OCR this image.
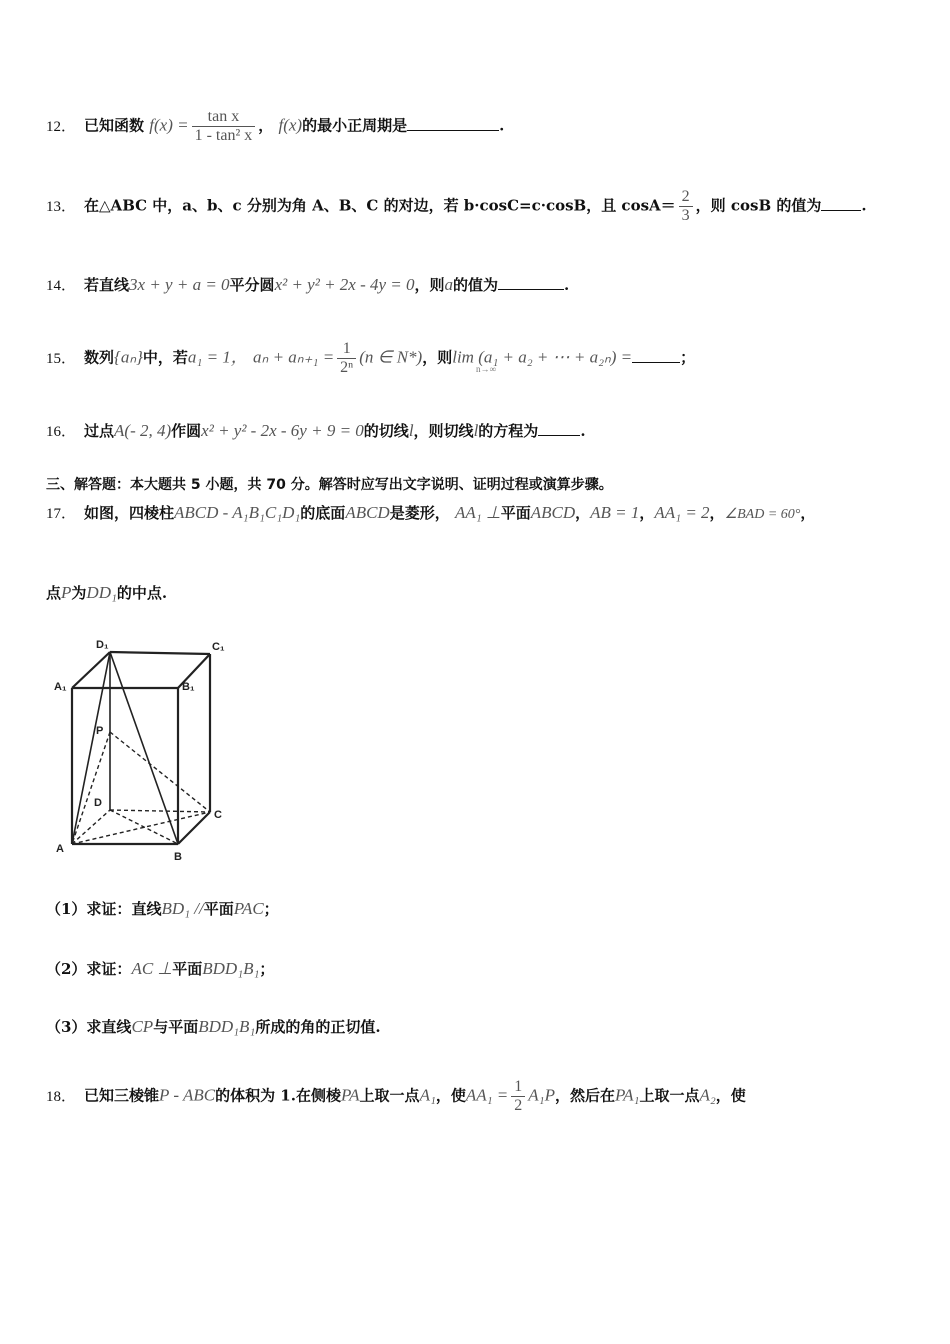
12． 已知函数 $f(x) = \frac{\text{tan x}}{\text{1 - tan² x}}$ ， f(x)的最小正周期是	.
13． 在△ABC 中，a、b、c 分别为角 A、B、C 的对边，若 b·cosC=c·cosB，且 $\cos A= \frac{2}{3}$ ，则 cosB 的值为	.
14． 若直线3x + y + a = 0平分圆x² + y² + 2x - 4y = 0，则a的值为	.
15． 数列{aₙ}中，若a₁ = 1， $a_n + a_{n+1} = \frac{1}{\text{2ⁿ}} (n$ ∈ N*)，则lim (a₁ + a₂ + ⋯ + a₂ₙ) =	；
n→∞
16． 过点A(- 2, 4)作圆x² + y² - 2x - 6y + 9 = 0的切线l，则切线l的方程为	.
三、解答题：本大题共 5 小题，共 70 分。解答时应写出文字说明、证明过程或演算步骤。
17． 如图，四棱柱ABCD - A₁B₁C₁D₁的底面ABCD是菱形， AA₁ ⊥平面ABCD，AB = 1，AA₁ = 2，∠BAD = 60°，
点P为DD₁的中点.
D₁	C₁
A₁	B₁
P
D
C
A
B
（1）求证：直线BD₁ //平面PAC；
（2）求证：AC ⊥平面BDD₁B₁；
（3）求直线CP与平面BDD₁B₁所成的角的正切值.
18． 已知三棱锥P - ABC的体积为 1.在侧棱PA上取一点A₁，使$AA_1 = \frac{1}{2} A_1P$，然后在PA₁上取一点A₂，使
